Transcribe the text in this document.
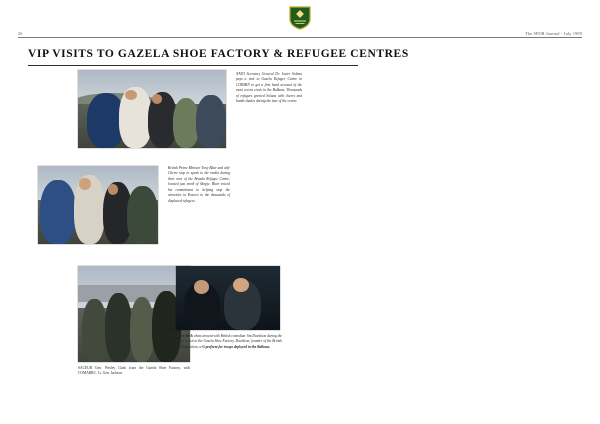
26	The SFOR Journal - July 1999
VIP VISITS TO GAZELA SHOE FACTORY & REFUGEE CENTRES
NATO Secretary General Dr. Javier Solana pays a visit to Gazela Refugee Centre in CORMIN to get a first hand account of the most recent crisis in the Balkans. Thousands of refugees greeted Solana with cheers and hands shakes during the tour of the centre.
British Prime Minister Tony Blair and wife Cherie stop to speak to the media during their tour of the Brazda Refugee Centre, located just north of Skopje. Blair voiced his commitment to helping stop the atrocities in Kosovo to the thousands of displaced refugees.
SACEUR Gen. Wesley Clark tours the Gazela Shoe Factory, with COMARRC, Lt. Gen. Jackson.
Cpl. Dave Beck chats around with British comedian Jim Davidson during the performer's visit to the Gazela Shoe Factory. Davidson, founder of the British Forces Foundation, will perform for troops deployed in the Balkans.
